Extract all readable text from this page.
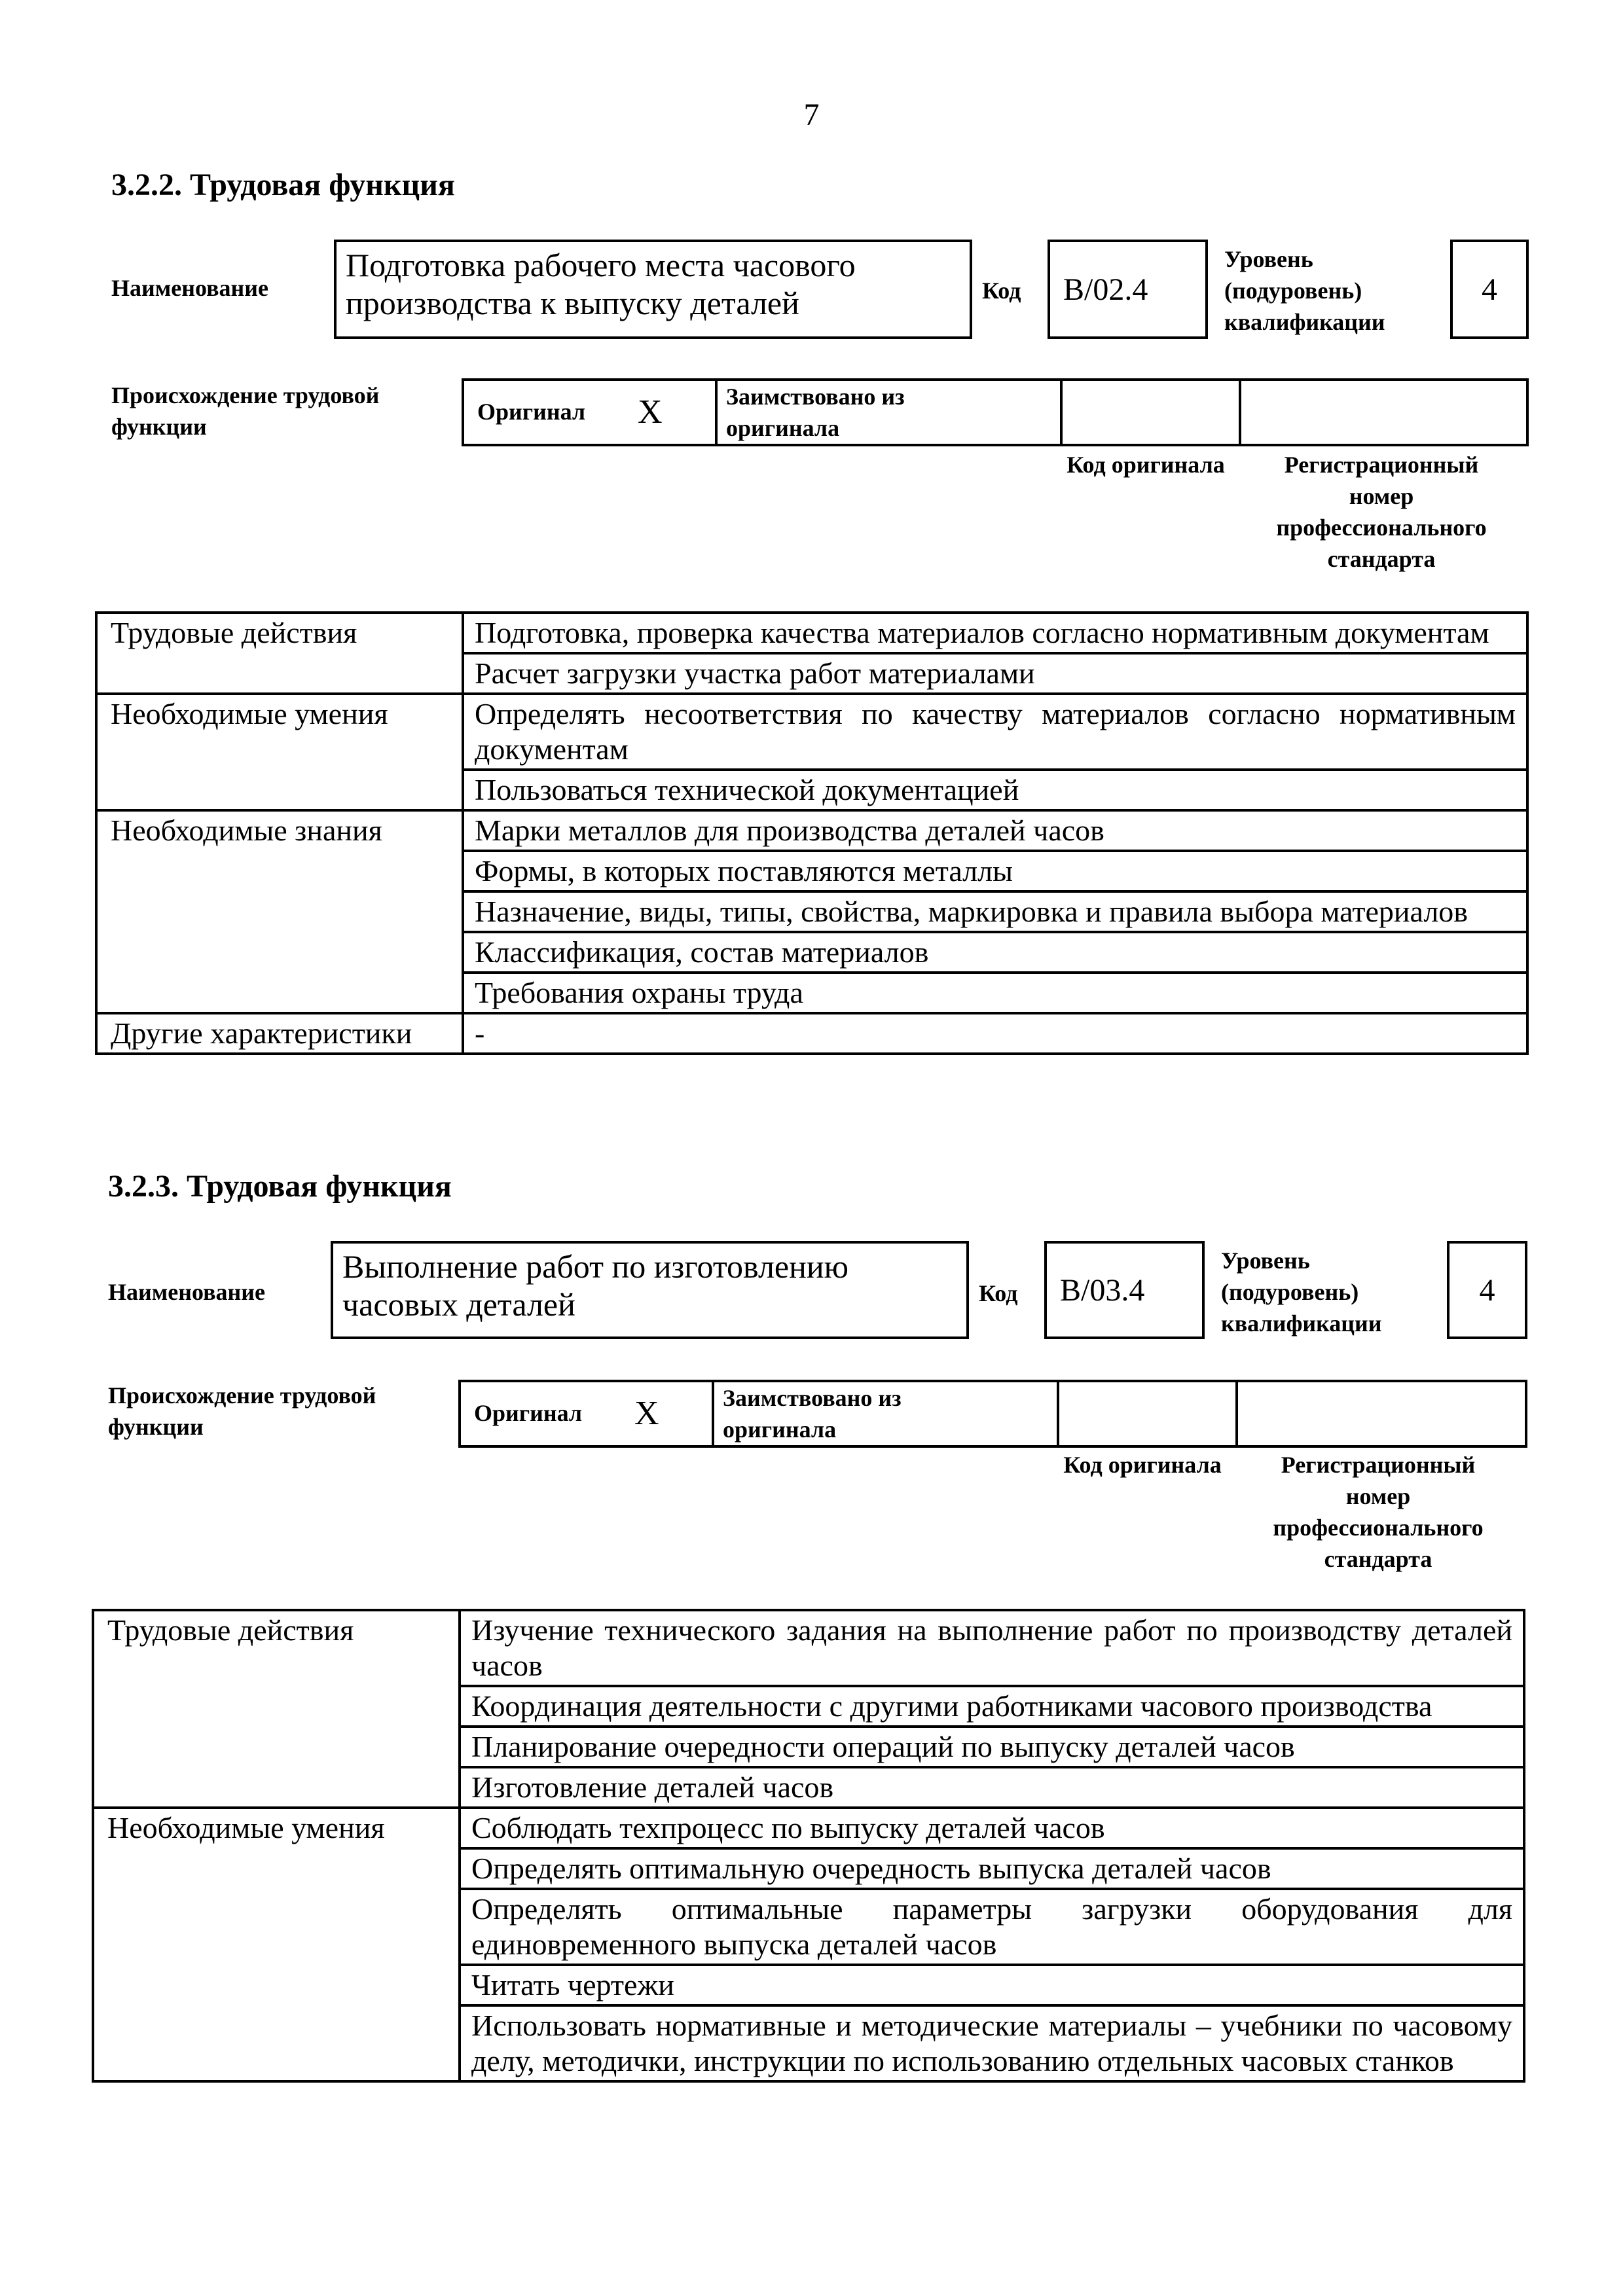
7
3.2.2. Трудовая функция
Наименование
Подготовка рабочего места часового производства к выпуску деталей	Код B/02.4
Уровень (подуровень) квалификации
4
Происхождение трудовой функции
Оригинал X	Заимствовано из оригинала
Код оригинала	Регистрационный номер профессионального стандарта
Трудовые действия	Подготовка, проверка качества материалов согласно нормативным документам
	Расчет загрузки участка работ материалами
Необходимые умения	Определять несоответствия по качеству материалов согласно нормативным документам
	Пользоваться технической документацией
Необходимые знания	Марки металлов для производства деталей часов
	Формы, в которых поставляются металлы
	Назначение, виды, типы, свойства, маркировка и правила выбора материалов
	Классификация, состав материалов
	Требования охраны труда
Другие характеристики	-
3.2.3. Трудовая функция
Наименование
Выполнение работ по изготовлению часовых деталей	Код B/03.4
Уровень (подуровень) квалификации
4
Происхождение трудовой функции
Оригинал X	Заимствовано из оригинала
Код оригинала	Регистрационный номер профессионального стандарта
Трудовые действия	Изучение технического задания на выполнение работ по производству деталей часов
	Координация деятельности с другими работниками часового производства
	Планирование очередности операций по выпуску деталей часов
	Изготовление деталей часов
Необходимые умения	Соблюдать техпроцесс по выпуску деталей часов
	Определять оптимальную очередность выпуска деталей часов
	Определять оптимальные параметры загрузки оборудования для единовременного выпуска деталей часов
	Читать чертежи
	Использовать нормативные и методические материалы – учебники по часовому делу, методички, инструкции по использованию отдельных часовых станков
